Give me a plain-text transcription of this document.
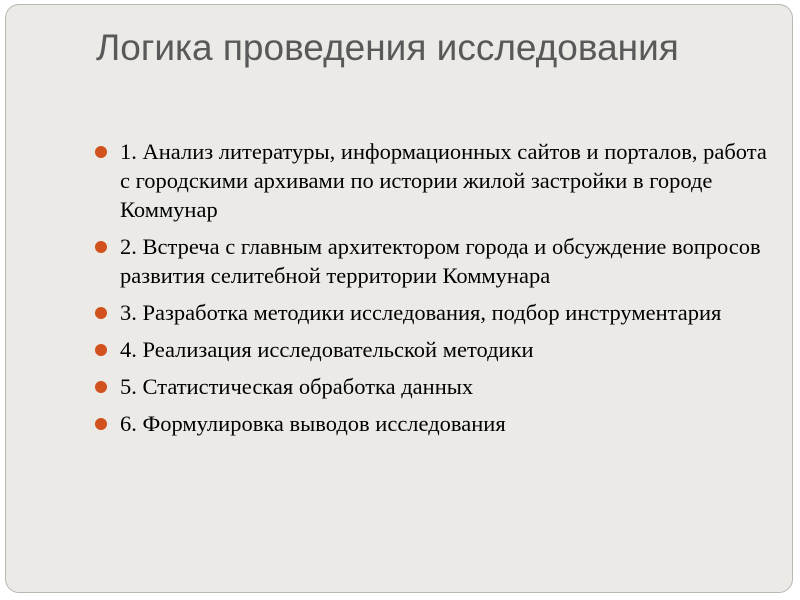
Логика проведения исследования
1. Анализ литературы, информационных сайтов и порталов, работа с городскими архивами по истории жилой застройки в городе Коммунар
2. Встреча с главным архитектором города и обсуждение вопросов развития селитебной территории Коммунара
3. Разработка методики исследования, подбор инструментария
4. Реализация исследовательской методики
5. Статистическая обработка данных
6. Формулировка выводов исследования
